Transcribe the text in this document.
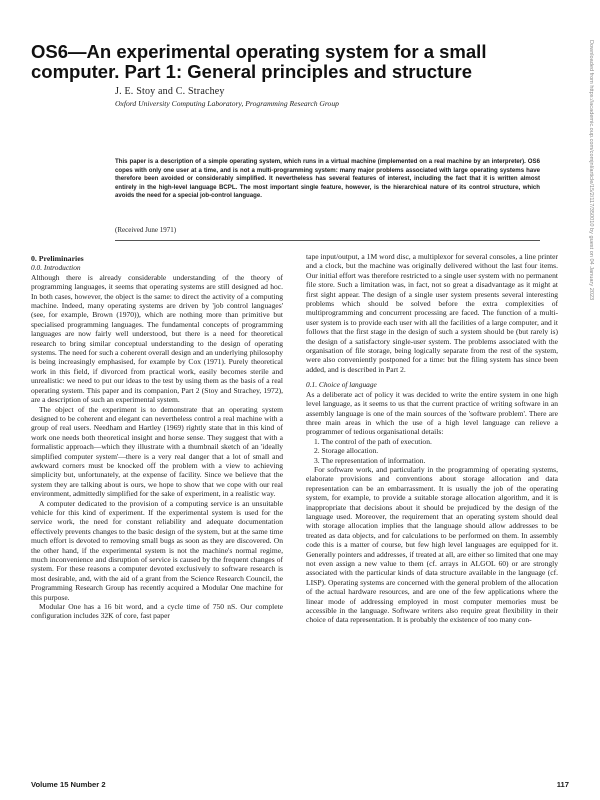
OS6—An experimental operating system for a small computer. Part 1: General principles and structure
J. E. Stoy and C. Strachey
Oxford University Computing Laboratory, Programming Research Group

This paper is a description of a simple operating system, which runs in a virtual machine (implemented on a real machine by an interpreter). OS6 copes with only one user at a time, and is not a multi-programming system: many major problems associated with large operating systems have therefore been avoided or considerably simplified. It nevertheless has several features of interest, including the fact that it is written almost entirely in the high-level language BCPL. The most important single feature, however, is the hierarchical nature of its control structure, which avoids the need for a special job-control language.

(Received June 1971)
0. Preliminaries
0.0. Introduction

Although there is already considerable understanding of the theory of programming languages, it seems that operating systems are still designed ad hoc. In both cases, however, the object is the same: to direct the activity of a computing machine. Indeed, many operating systems are driven by 'job control languages' (see, for example, Brown (1970)), which are nothing more than primitive but specialised programming languages. The fundamental concepts of programming languages are now fairly well understood, but there is a need for theoretical research to bring similar conceptual understanding to the design of operating systems. The need for such a coherent overall design and an underlying philosophy is being increasingly emphasised, for example by Cox (1971). Purely theoretical work in this field, if divorced from practical work, easily becomes sterile and unrealistic: we need to put our ideas to the test by using them as the basis of a real operating system. This paper and its companion, Part 2 (Stoy and Strachey, 1972), are a description of such an experimental system.

The object of the experiment is to demonstrate that an operating system designed to be coherent and elegant can nevertheless control a real machine with a group of real users. Needham and Hartley (1969) rightly state that in this kind of work one needs both theoretical insight and horse sense. They suggest that with a formalistic approach—which they illustrate with a thumbnail sketch of an 'ideally simplified computer system'—there is a very real danger that a lot of small and awkward corners must be knocked off the problem with a view to achieving simplicity but, unfortunately, at the expense of facility. Since we believe that the system they are talking about is ours, we hope to show that we cope with our real environment, admittedly simplified for the sake of experiment, in a realistic way.

A computer dedicated to the provision of a computing service is an unsuitable vehicle for this kind of experiment. If the experimental system is used for the service work, the need for constant reliability and adequate documentation effectively prevents changes to the basic design of the system, but at the same time much effort is devoted to removing small bugs as soon as they are discovered. On the other hand, if the experimental system is not the machine's normal regime, much inconvenience and disruption of service is caused by the frequent changes of system. For these reasons a computer devoted exclusively to software research is most desirable, and, with the aid of a grant from the Science Research Council, the Programming Research Group has recently acquired a Modular One machine for this purpose.

Modular One has a 16 bit word, and a cycle time of 750 nS. Our complete configuration includes 32K of core, fast paper

tape input/output, a 1M word disc, a multiplexor for several consoles, a line printer and a clock, but the machine was originally delivered without the last four items. Our initial effort was therefore restricted to a single user system with no permanent file store. Such a limitation was, in fact, not so great a disadvantage as it might at first sight appear. The design of a single user system presents several interesting problems which should be solved before the extra complexities of multiprogramming and concurrent processing are faced. The function of a multi-user system is to provide each user with all the facilities of a large computer, and it follows that the first stage in the design of such a system should be (but rarely is) the design of a satisfactory single-user system. The problems associated with the organisation of file storage, being logically separate from the rest of the system, were also conveniently postponed for a time: but the filing system has since been added, and is described in Part 2.

0.1. Choice of language

As a deliberate act of policy it was decided to write the entire system in one high level language, as it seems to us that the current practice of writing software in an assembly language is one of the main sources of the 'software problem'. There are three main areas in which the use of a high level language can relieve a programmer of tedious organisational details:

1. The control of the path of execution.
2. Storage allocation.
3. The representation of information.

For software work, and particularly in the programming of operating systems, elaborate provisions and conventions about storage allocation and data representation can be an embarrassment. It is usually the job of the operating system, for example, to provide a suitable storage allocation algorithm, and it is inappropriate that decisions about it should be prejudiced by the design of the language used. Moreover, the requirement that an operating system should deal with storage allocation implies that the language should allow addresses to be treated as data objects, and for calculations to be performed on them. In assembly code this is a matter of course, but few high level languages are equipped for it. Generally pointers and addresses, if treated at all, are either so limited that one may not even assign a new value to them (cf. arrays in ALGOL 60) or are strongly associated with the particular kinds of data structure available in the language (cf. LISP). Operating systems are concerned with the general problem of the allocation of the actual hardware resources, and are one of the few applications where the linear mode of addressing employed in most computer memories must be accessible in the language. Software writers also require great flexibility in their choice of data representation. It is probably the existence of too many con-

Volume 15 Number 2	117
Downloaded from https://academic.oup.com/comjnl/article/15/2/117/350010 by guest on 04 January 2023
